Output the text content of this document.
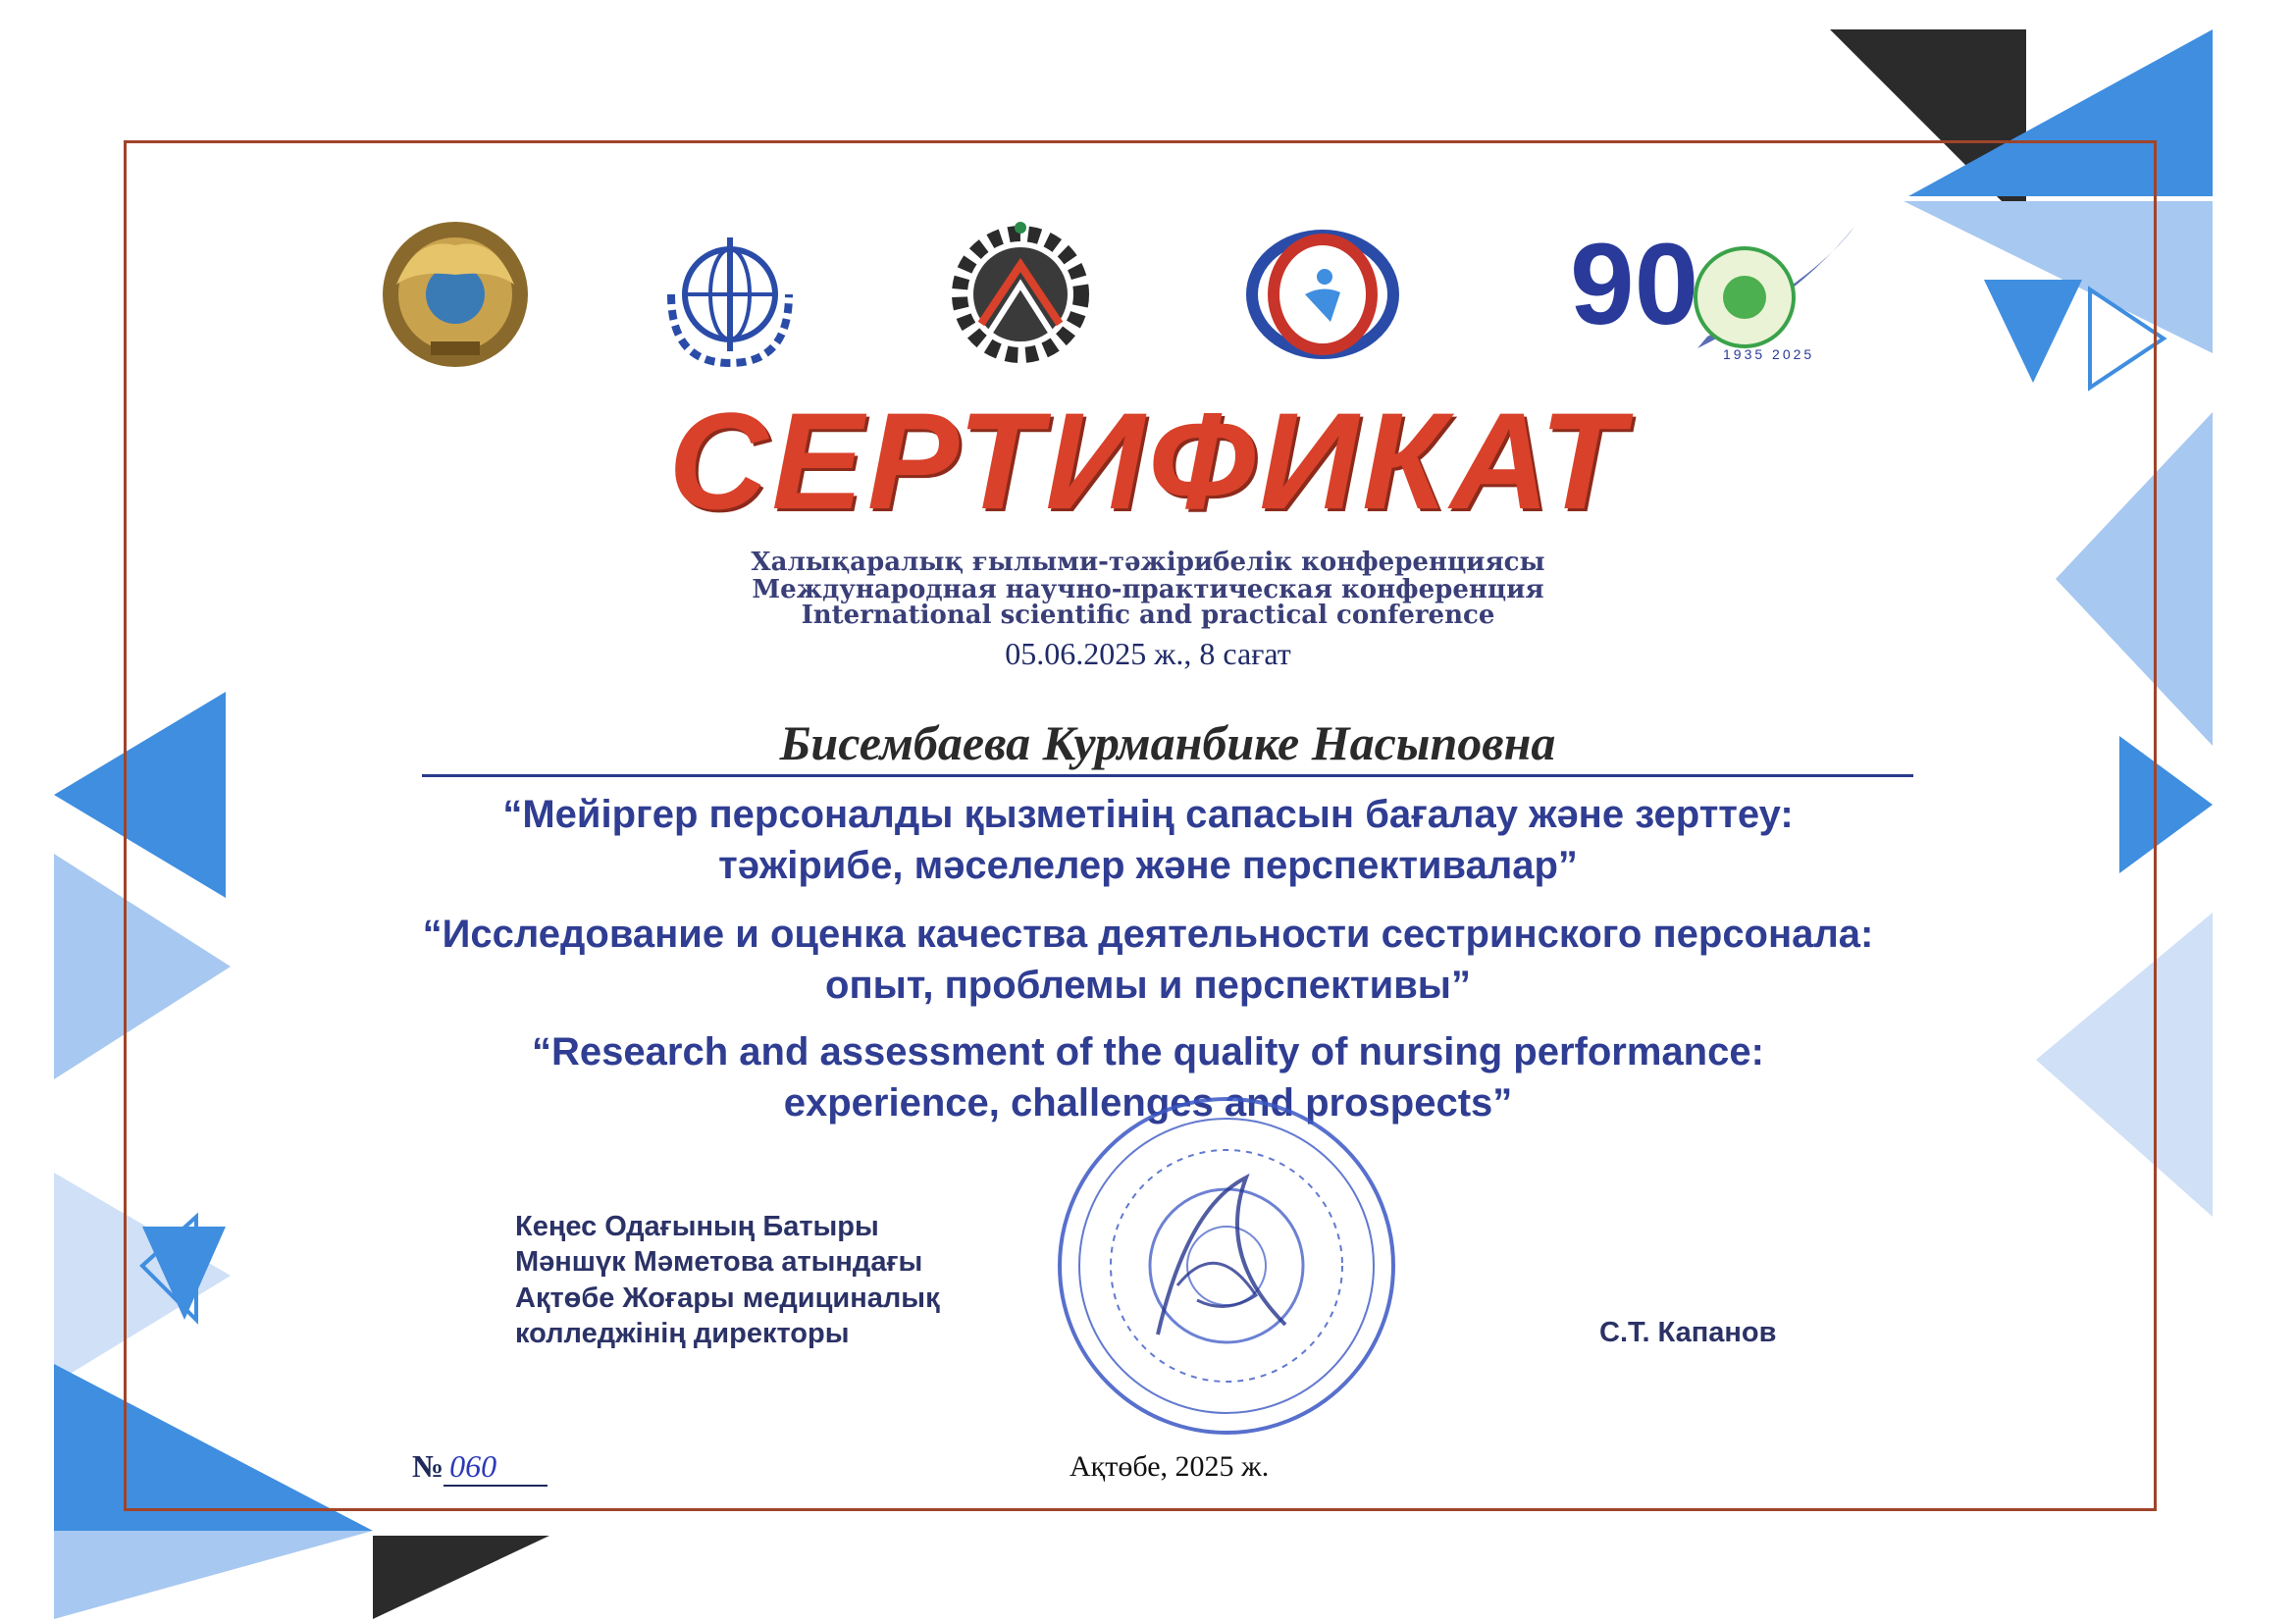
90
1935 2025
СЕРТИФИКАТ
Халықаралық ғылыми-тәжірибелік конференциясы
Международная научно-практическая конференция
International scientific and practical conference
05.06.2025 ж., 8 сағат
Бисембаева Курманбике Насыповна
“Мейіргер персоналды қызметінің сапасын бағалау және зерттеу:
тәжірибе, мәселелер және перспективалар”
“Исследование и оценка качества деятельности сестринского персонала:
опыт, проблемы и перспективы”
“Research and assessment of the quality of nursing performance:
experience, challenges and prospects”
Кеңес Одағының Батыры
Мәншүк Мәметова атындағы
Ақтөбе Жоғары медициналық
колледжінің директоры	С.Т. Капанов
№ 060	Ақтөбе, 2025 ж.
